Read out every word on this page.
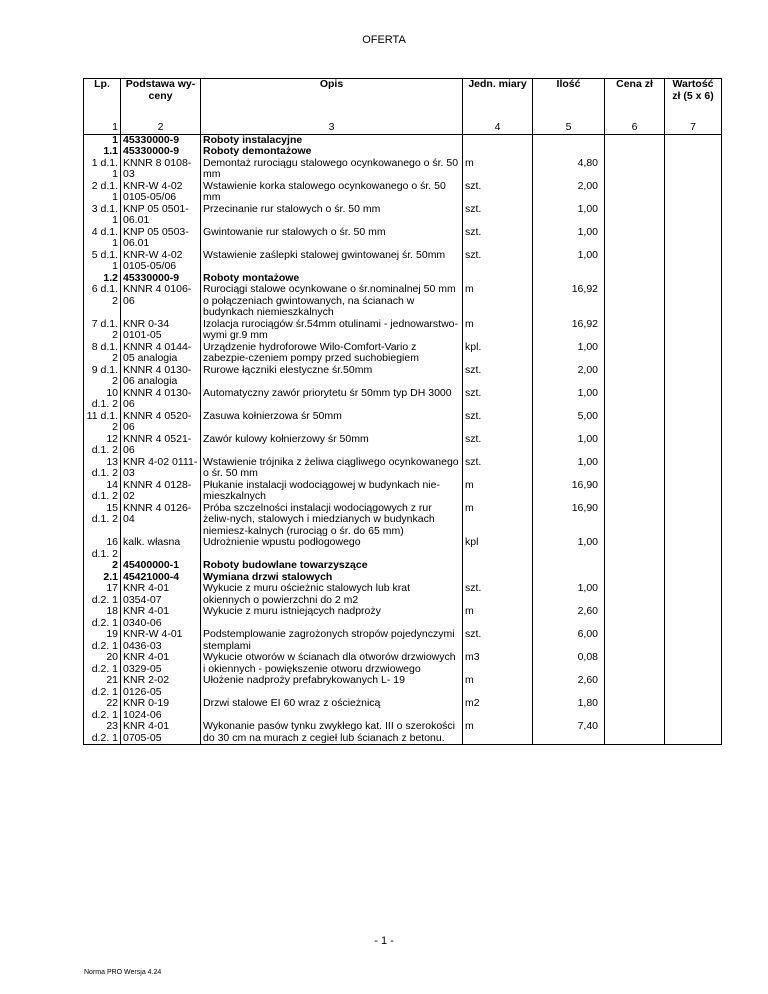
OFERTA
Lp.	Podstawa wy-ceny	Opis	Jedn. miary	Ilość	Cena zł	Wartość zł (5 x 6)
1	2	3	4	5	6	7
1	45330000-9	Roboty instalacyjne				
1.1	45330000-9	Roboty demontażowe				
1 d.1. 1	KNNR 8 0108-03	Demontaż rurociągu stalowego ocynkowanego o śr. 50 mm	m	4,80		
2 d.1. 1	KNR-W 4-02 0105-05/06	Wstawienie korka stalowego ocynkowanego o śr. 50 mm	szt.	2,00		
3 d.1. 1	KNP 05 0501-06.01	Przecinanie rur stalowych o śr. 50 mm	szt.	1,00		
4 d.1. 1	KNP 05 0503-06.01	Gwintowanie rur stalowych o śr. 50 mm	szt.	1,00		
5 d.1. 1	KNR-W 4-02 0105-05/06	Wstawienie zaślepki stalowej gwintowanej śr. 50mm	szt.	1,00		
1.2	45330000-9	Roboty montażowe				
6 d.1. 2	KNNR 4 0106-06	Rurociągi stalowe ocynkowane o śr.nominalnej 50 mm o połączeniach gwintowanych, na ścianach w budynkach niemieszkalnych	m	16,92		
7 d.1. 2	KNR 0-34 0101-05	Izolacja rurociągów śr.54mm otulinami - jednowarstwo-wymi gr.9 mm	m	16,92		
8 d.1. 2	KNNR 4 0144-05 analogia	Urządzenie hydroforowe Wilo-Comfort-Vario z zabezpie-czeniem pompy przed suchobiegiem	kpl.	1,00		
9 d.1. 2	KNNR 4 0130-06 analogia	Rurowe łączniki elestyczne śr.50mm	szt.	2,00		
10 d.1. 2	KNNR 4 0130-06	Automatyczny zawór priorytetu śr 50mm typ DH 3000	szt.	1,00		
11 d.1. 2	KNNR 4 0520-06	Zasuwa kołnierzowa śr 50mm	szt.	5,00		
12 d.1. 2	KNNR 4 0521-06	Zawór kulowy kołnierzowy śr 50mm	szt.	1,00		
13 d.1. 2	KNR 4-02 0111-03	Wstawienie trójnika z żeliwa ciągliwego ocynkowanego o śr. 50 mm	szt.	1,00		
14 d.1. 2	KNNR 4 0128-02	Płukanie instalacji wodociągowej w budynkach nie-mieszkalnych	m	16,90		
15 d.1. 2	KNNR 4 0126-04	Próba szczelności instalacji wodociągowych z rur żeliw-nych, stalowych i miedzianych w budynkach niemiesz-kalnych (rurociąg o śr. do 65 mm)	m	16,90		
16 d.1. 2	kalk. własna	Udrożnienie wpustu podłogowego	kpl	1,00		
2	45400000-1	Roboty budowlane towarzyszące				
2.1	45421000-4	Wymiana drzwi stalowych				
17 d.2. 1	KNR 4-01 0354-07	Wykucie z muru ościeżnic stalowych lub krat okiennych o powierzchni do 2 m2	szt.	1,00		
18 d.2. 1	KNR 4-01 0340-06	Wykucie z muru istniejących nadproży	m	2,60		
19 d.2. 1	KNR-W 4-01 0436-03	Podstemplowanie zagrożonych stropów pojedynczymi stemplami	szt.	6,00		
20 d.2. 1	KNR 4-01 0329-05	Wykucie otworów w ścianach dla otworów drzwiowych i okiennych - powiększenie otworu drzwiowego	m3	0,08		
21 d.2. 1	KNR 2-02 0126-05	Ułożenie nadproży prefabrykowanych L- 19	m	2,60		
22 d.2. 1	KNR 0-19 1024-06	Drzwi stalowe EI 60 wraz z ościeżnicą	m2	1,80		
23 d.2. 1	KNR 4-01 0705-05	Wykonanie pasów tynku zwykłego kat. III o szerokości do 30 cm na murach z cegieł lub ścianach z betonu.	m	7,40		
- 1 -
Norma PRO Wersja 4.24
